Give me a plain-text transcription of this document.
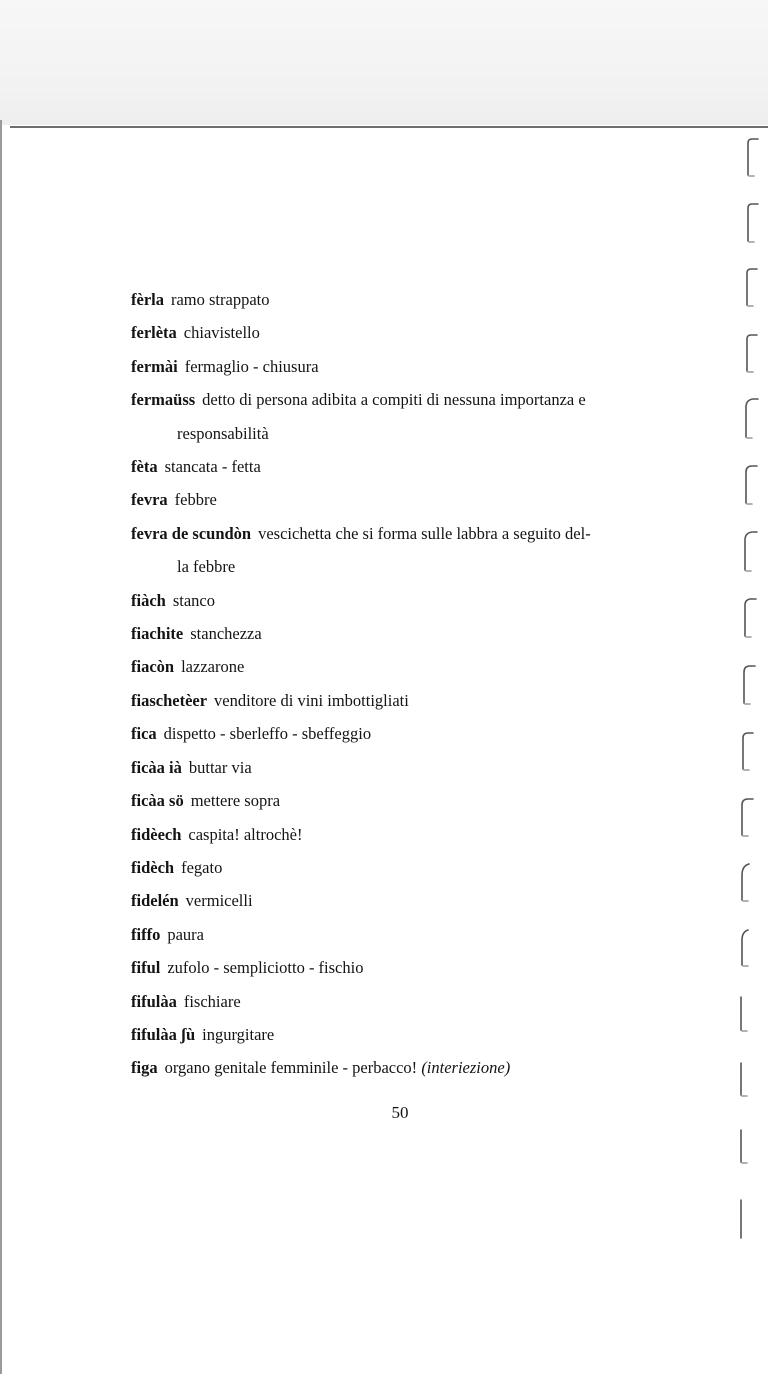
fèrla ramo strappato
ferlèta chiavistello
fermài fermaglio - chiusura
fermaüss detto di persona adibita a compiti di nessuna importanza e
responsabilità
fèta stancata - fetta
fevra febbre
fevra de scundòn vescichetta che si forma sulle labbra a seguito del-
la febbre
fiàch stanco
fiachite stanchezza
fiacòn lazzarone
fiaschetèer venditore di vini imbottigliati
fica dispetto - sberleffo - sbeffeggio
ficàa ià buttar via
ficàa sö mettere sopra
fidèech caspita! altrochè!
fidèch fegato
fidelén vermicelli
fiffo paura
fiful zufolo - sempliciotto - fischio
fifulàa fischiare
fifulàa ʃù ingurgitare
figa organo genitale femminile - perbacco! (interiezione)
50
